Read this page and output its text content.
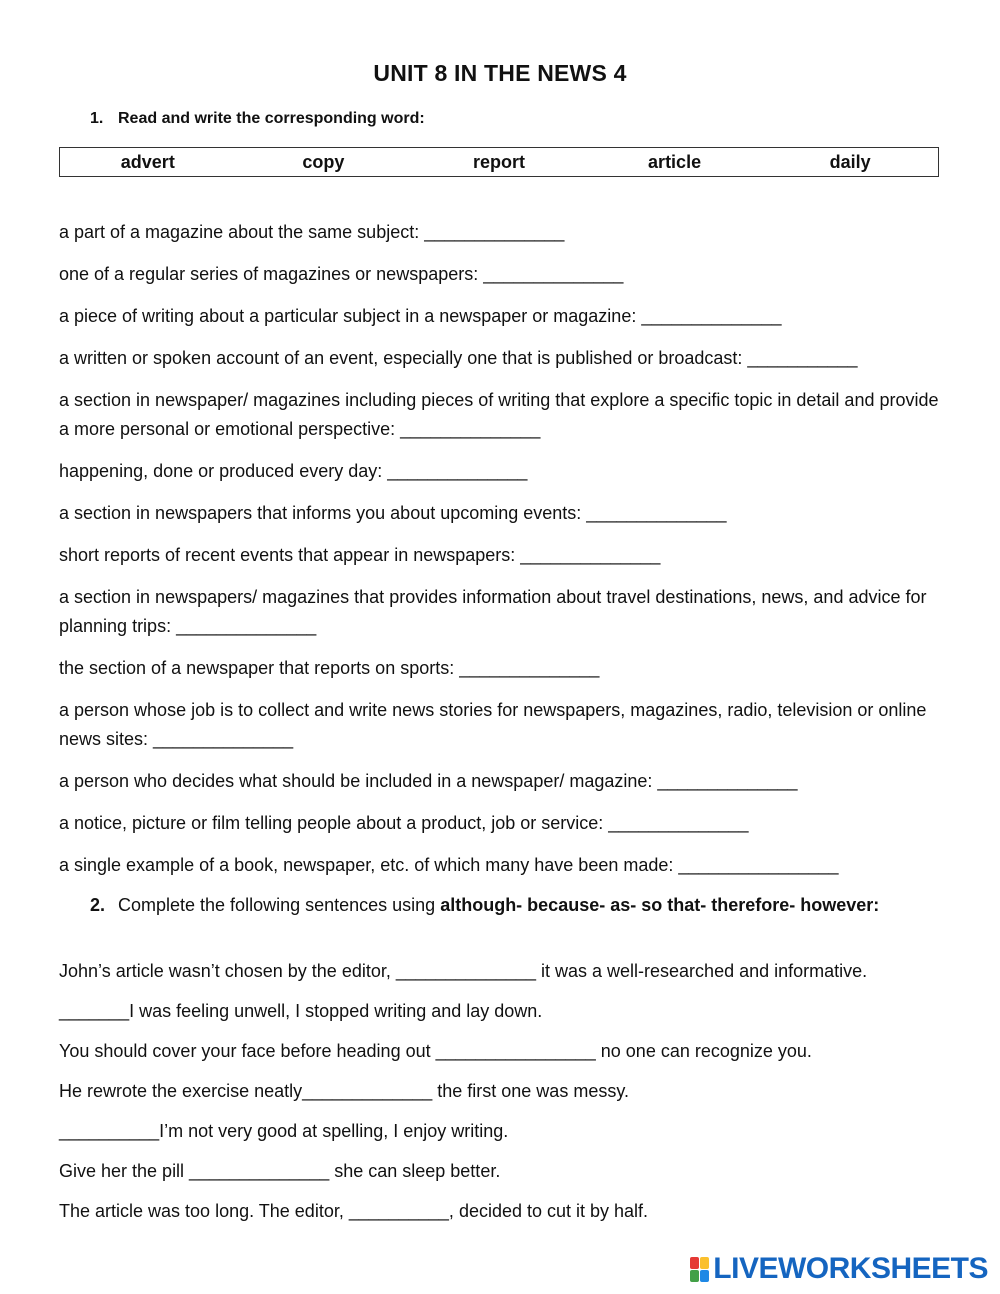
UNIT 8 IN THE NEWS 4
1. Read and write the corresponding word:
advert	copy	report	article	daily

a part of a magazine about the same subject: ______________

one of a regular series of magazines or newspapers: ______________

a piece of writing about a particular subject in a newspaper or magazine: ______________

a written or spoken account of an event, especially one that is published or broadcast: ___________

a section in newspaper/ magazines including pieces of writing that explore a specific topic in detail and provide a more personal or emotional perspective: ______________

happening, done or produced every day: ______________

a section in newspapers that informs you about upcoming events: ______________

short reports of recent events that appear in newspapers: ______________

a section in newspapers/ magazines that provides information about travel destinations, news, and advice for planning trips: ______________

the section of a newspaper that reports on sports: ______________

a person whose job is to collect and write news stories for newspapers, magazines, radio, television or online news sites: ______________

a person who decides what should be included in a newspaper/ magazine: ______________

a notice, picture or film telling people about a product, job or service: ______________

a single example of a book, newspaper, etc. of which many have been made: ________________

2. Complete the following sentences using although- because- as- so that- therefore- however:

John’s article wasn’t chosen by the editor, ______________ it was a well-researched and informative.

_______I was feeling unwell, I stopped writing and lay down.

You should cover your face before heading out ________________ no one can recognize you.

He rewrote the exercise neatly_____________ the first one was messy.

__________I’m not very good at spelling, I enjoy writing.

Give her the pill ______________ she can sleep better.

The article was too long. The editor, __________, decided to cut it by half.

LIVEWORKSHEETS
